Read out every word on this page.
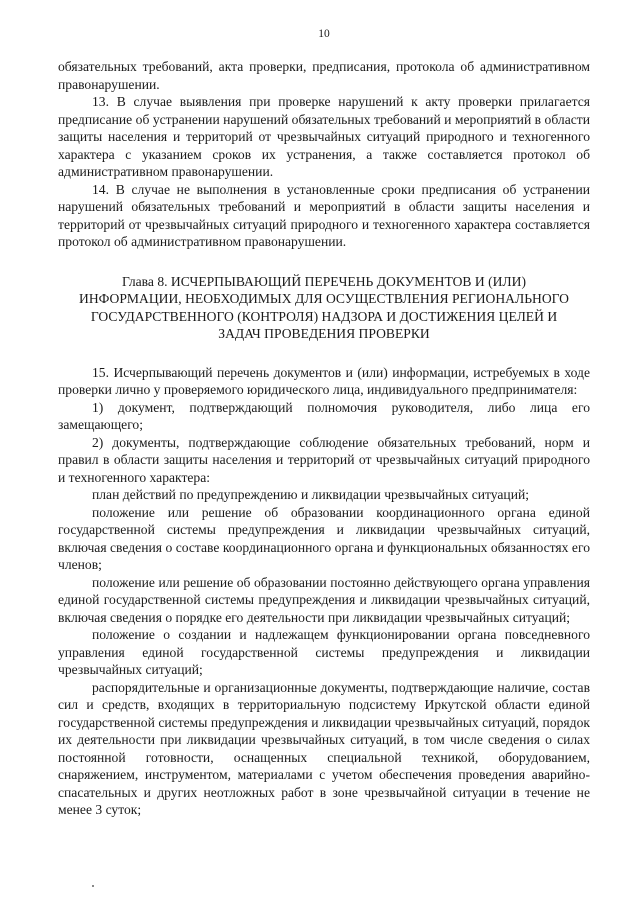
10

обязательных требований, акта проверки, предписания, протокола об административном правонарушении.

13. В случае выявления при проверке нарушений к акту проверки прилагается предписание об устранении нарушений обязательных требований и мероприятий в области защиты населения и территорий от чрезвычайных ситуаций природного и техногенного характера с указанием сроков их устранения, а также составляется протокол об административном правонарушении.

14. В случае не выполнения в установленные сроки предписания об устранении нарушений обязательных требований и мероприятий в области защиты населения и территорий от чрезвычайных ситуаций природного и техногенного характера составляется протокол об административном правонарушении.

Глава 8. ИСЧЕРПЫВАЮЩИЙ ПЕРЕЧЕНЬ ДОКУМЕНТОВ И (ИЛИ) ИНФОРМАЦИИ, НЕОБХОДИМЫХ ДЛЯ ОСУЩЕСТВЛЕНИЯ РЕГИОНАЛЬНОГО ГОСУДАРСТВЕННОГО (КОНТРОЛЯ) НАДЗОРА И ДОСТИЖЕНИЯ ЦЕЛЕЙ И ЗАДАЧ ПРОВЕДЕНИЯ ПРОВЕРКИ

15. Исчерпывающий перечень документов и (или) информации, истребуемых в ходе проверки лично у проверяемого юридического лица, индивидуального предпринимателя:

1) документ, подтверждающий полномочия руководителя, либо лица его замещающего;

2) документы, подтверждающие соблюдение обязательных требований, норм и правил в области защиты населения и территорий от чрезвычайных ситуаций природного и техногенного характера:

план действий по предупреждению и ликвидации чрезвычайных ситуаций;

положение или решение об образовании координационного органа единой государственной системы предупреждения и ликвидации чрезвычайных ситуаций, включая сведения о составе координационного органа и функциональных обязанностях его членов;

положение или решение об образовании постоянно действующего органа управления единой государственной системы предупреждения и ликвидации чрезвычайных ситуаций, включая сведения о порядке его деятельности при ликвидации чрезвычайных ситуаций;

положение о создании и надлежащем функционировании органа повседневного управления единой государственной системы предупреждения и ликвидации чрезвычайных ситуаций;

распорядительные и организационные документы, подтверждающие наличие, состав сил и средств, входящих в территориальную подсистему Иркутской области единой государственной системы предупреждения и ликвидации чрезвычайных ситуаций, порядок их деятельности при ликвидации чрезвычайных ситуаций, в том числе сведения о силах постоянной готовности, оснащенных специальной техникой, оборудованием, снаряжением, инструментом, материалами с учетом обеспечения проведения аварийно-спасательных и других неотложных работ в зоне чрезвычайной ситуации в течение не менее 3 суток;
